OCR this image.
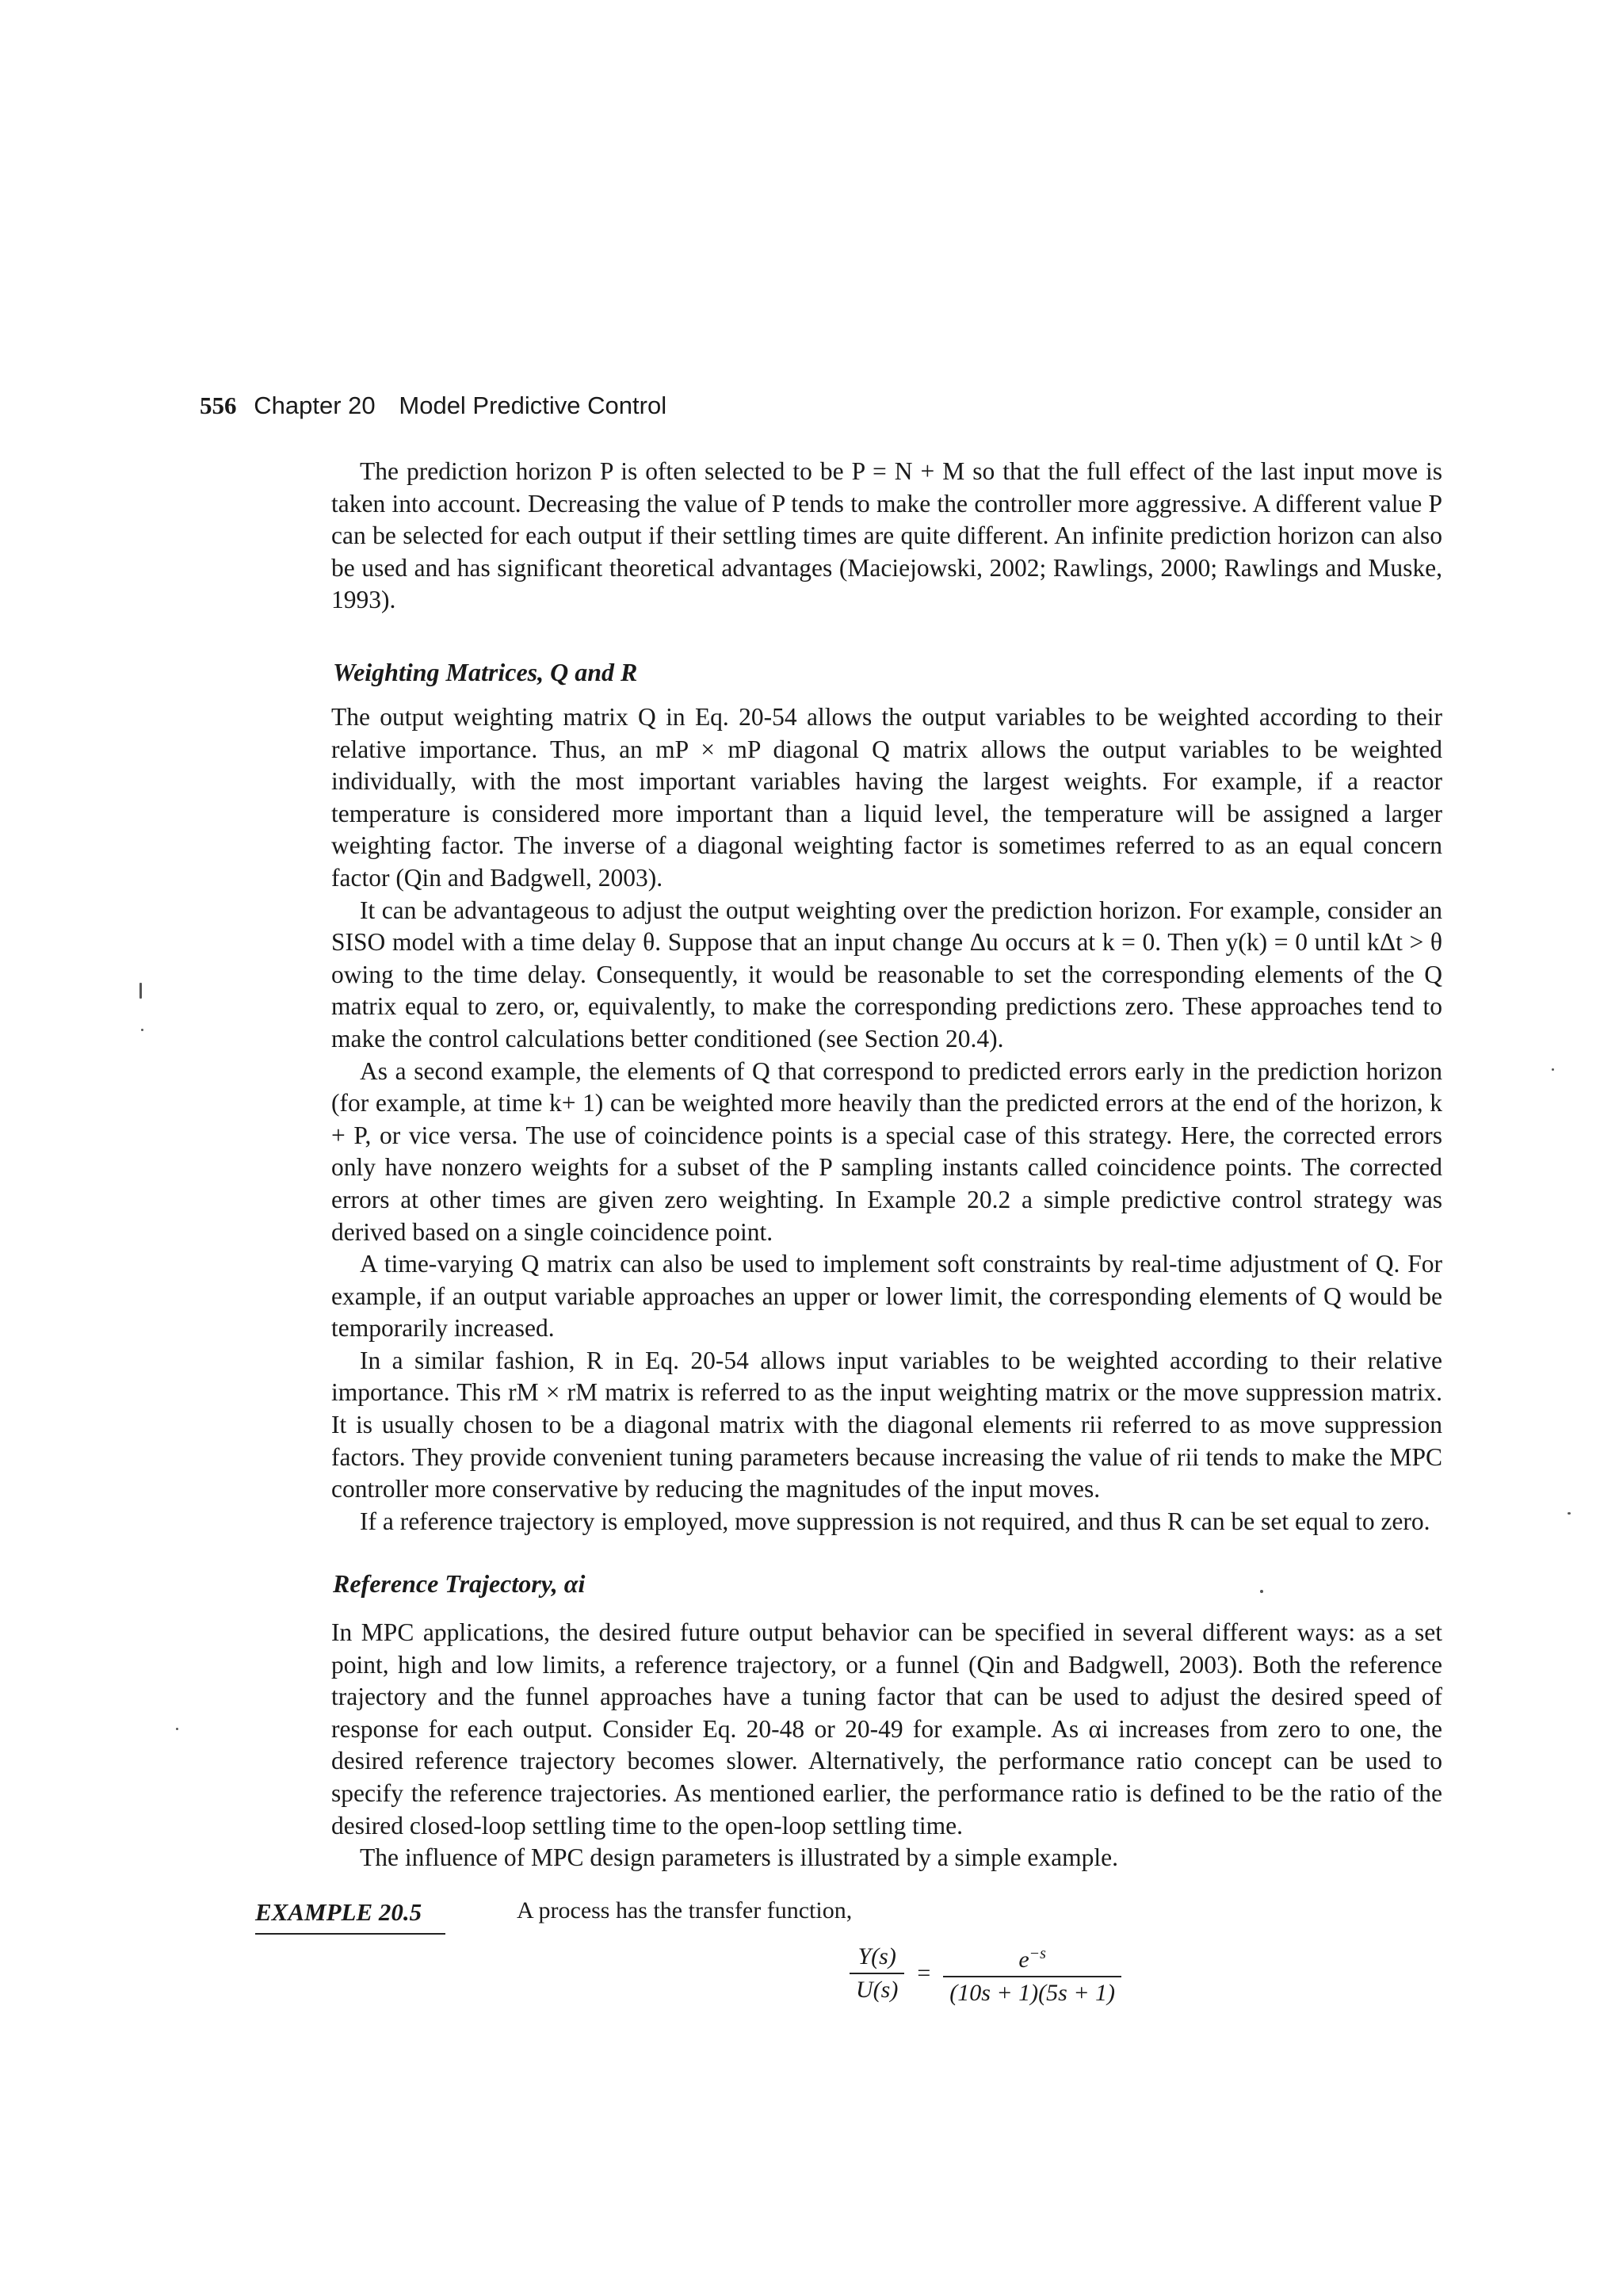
556 Chapter 20 Model Predictive Control

The prediction horizon P is often selected to be P = N + M so that the full effect of the last input move is taken into account. Decreasing the value of P tends to make the controller more aggressive. A different value P can be selected for each output if their settling times are quite different. An infinite prediction horizon can also be used and has significant theoretical advantages (Maciejowski, 2002; Rawlings, 2000; Rawlings and Muske, 1993).

Weighting Matrices, Q and R

The output weighting matrix Q in Eq. 20-54 allows the output variables to be weighted according to their relative importance. Thus, an mP × mP diagonal Q matrix allows the output variables to be weighted individually, with the most important variables having the largest weights. For example, if a reactor temperature is considered more important than a liquid level, the temperature will be assigned a larger weighting factor. The inverse of a diagonal weighting factor is sometimes referred to as an equal concern factor (Qin and Badgwell, 2003).

It can be advantageous to adjust the output weighting over the prediction horizon. For example, consider an SISO model with a time delay θ. Suppose that an input change Δu occurs at k = 0. Then y(k) = 0 until kΔt > θ owing to the time delay. Consequently, it would be reasonable to set the corresponding elements of the Q matrix equal to zero, or, equivalently, to make the corresponding predictions zero. These approaches tend to make the control calculations better conditioned (see Section 20.4).

As a second example, the elements of Q that correspond to predicted errors early in the prediction horizon (for example, at time k+ 1) can be weighted more heavily than the predicted errors at the end of the horizon, k + P, or vice versa. The use of coincidence points is a special case of this strategy. Here, the corrected errors only have nonzero weights for a subset of the P sampling instants called coincidence points. The corrected errors at other times are given zero weighting. In Example 20.2 a simple predictive control strategy was derived based on a single coincidence point.

A time-varying Q matrix can also be used to implement soft constraints by real-time adjustment of Q. For example, if an output variable approaches an upper or lower limit, the corresponding elements of Q would be temporarily increased.

In a similar fashion, R in Eq. 20-54 allows input variables to be weighted according to their relative importance. This rM × rM matrix is referred to as the input weighting matrix or the move suppression matrix. It is usually chosen to be a diagonal matrix with the diagonal elements rii referred to as move suppression factors. They provide convenient tuning parameters because increasing the value of rii tends to make the MPC controller more conservative by reducing the magnitudes of the input moves.

If a reference trajectory is employed, move suppression is not required, and thus R can be set equal to zero.

Reference Trajectory, αi

In MPC applications, the desired future output behavior can be specified in several different ways: as a set point, high and low limits, a reference trajectory, or a funnel (Qin and Badgwell, 2003). Both the reference trajectory and the funnel approaches have a tuning factor that can be used to adjust the desired speed of response for each output. Consider Eq. 20-48 or 20-49 for example. As αi increases from zero to one, the desired reference trajectory becomes slower. Alternatively, the performance ratio concept can be used to specify the reference trajectories. As mentioned earlier, the performance ratio is defined to be the ratio of the desired closed-loop settling time to the open-loop settling time.

The influence of MPC design parameters is illustrated by a simple example.

EXAMPLE 20.5	A process has the transfer function,
$\frac{Y(s)}{U(s)} = \frac{e^{-s}}{(10s + 1)(5s + 1)}$
